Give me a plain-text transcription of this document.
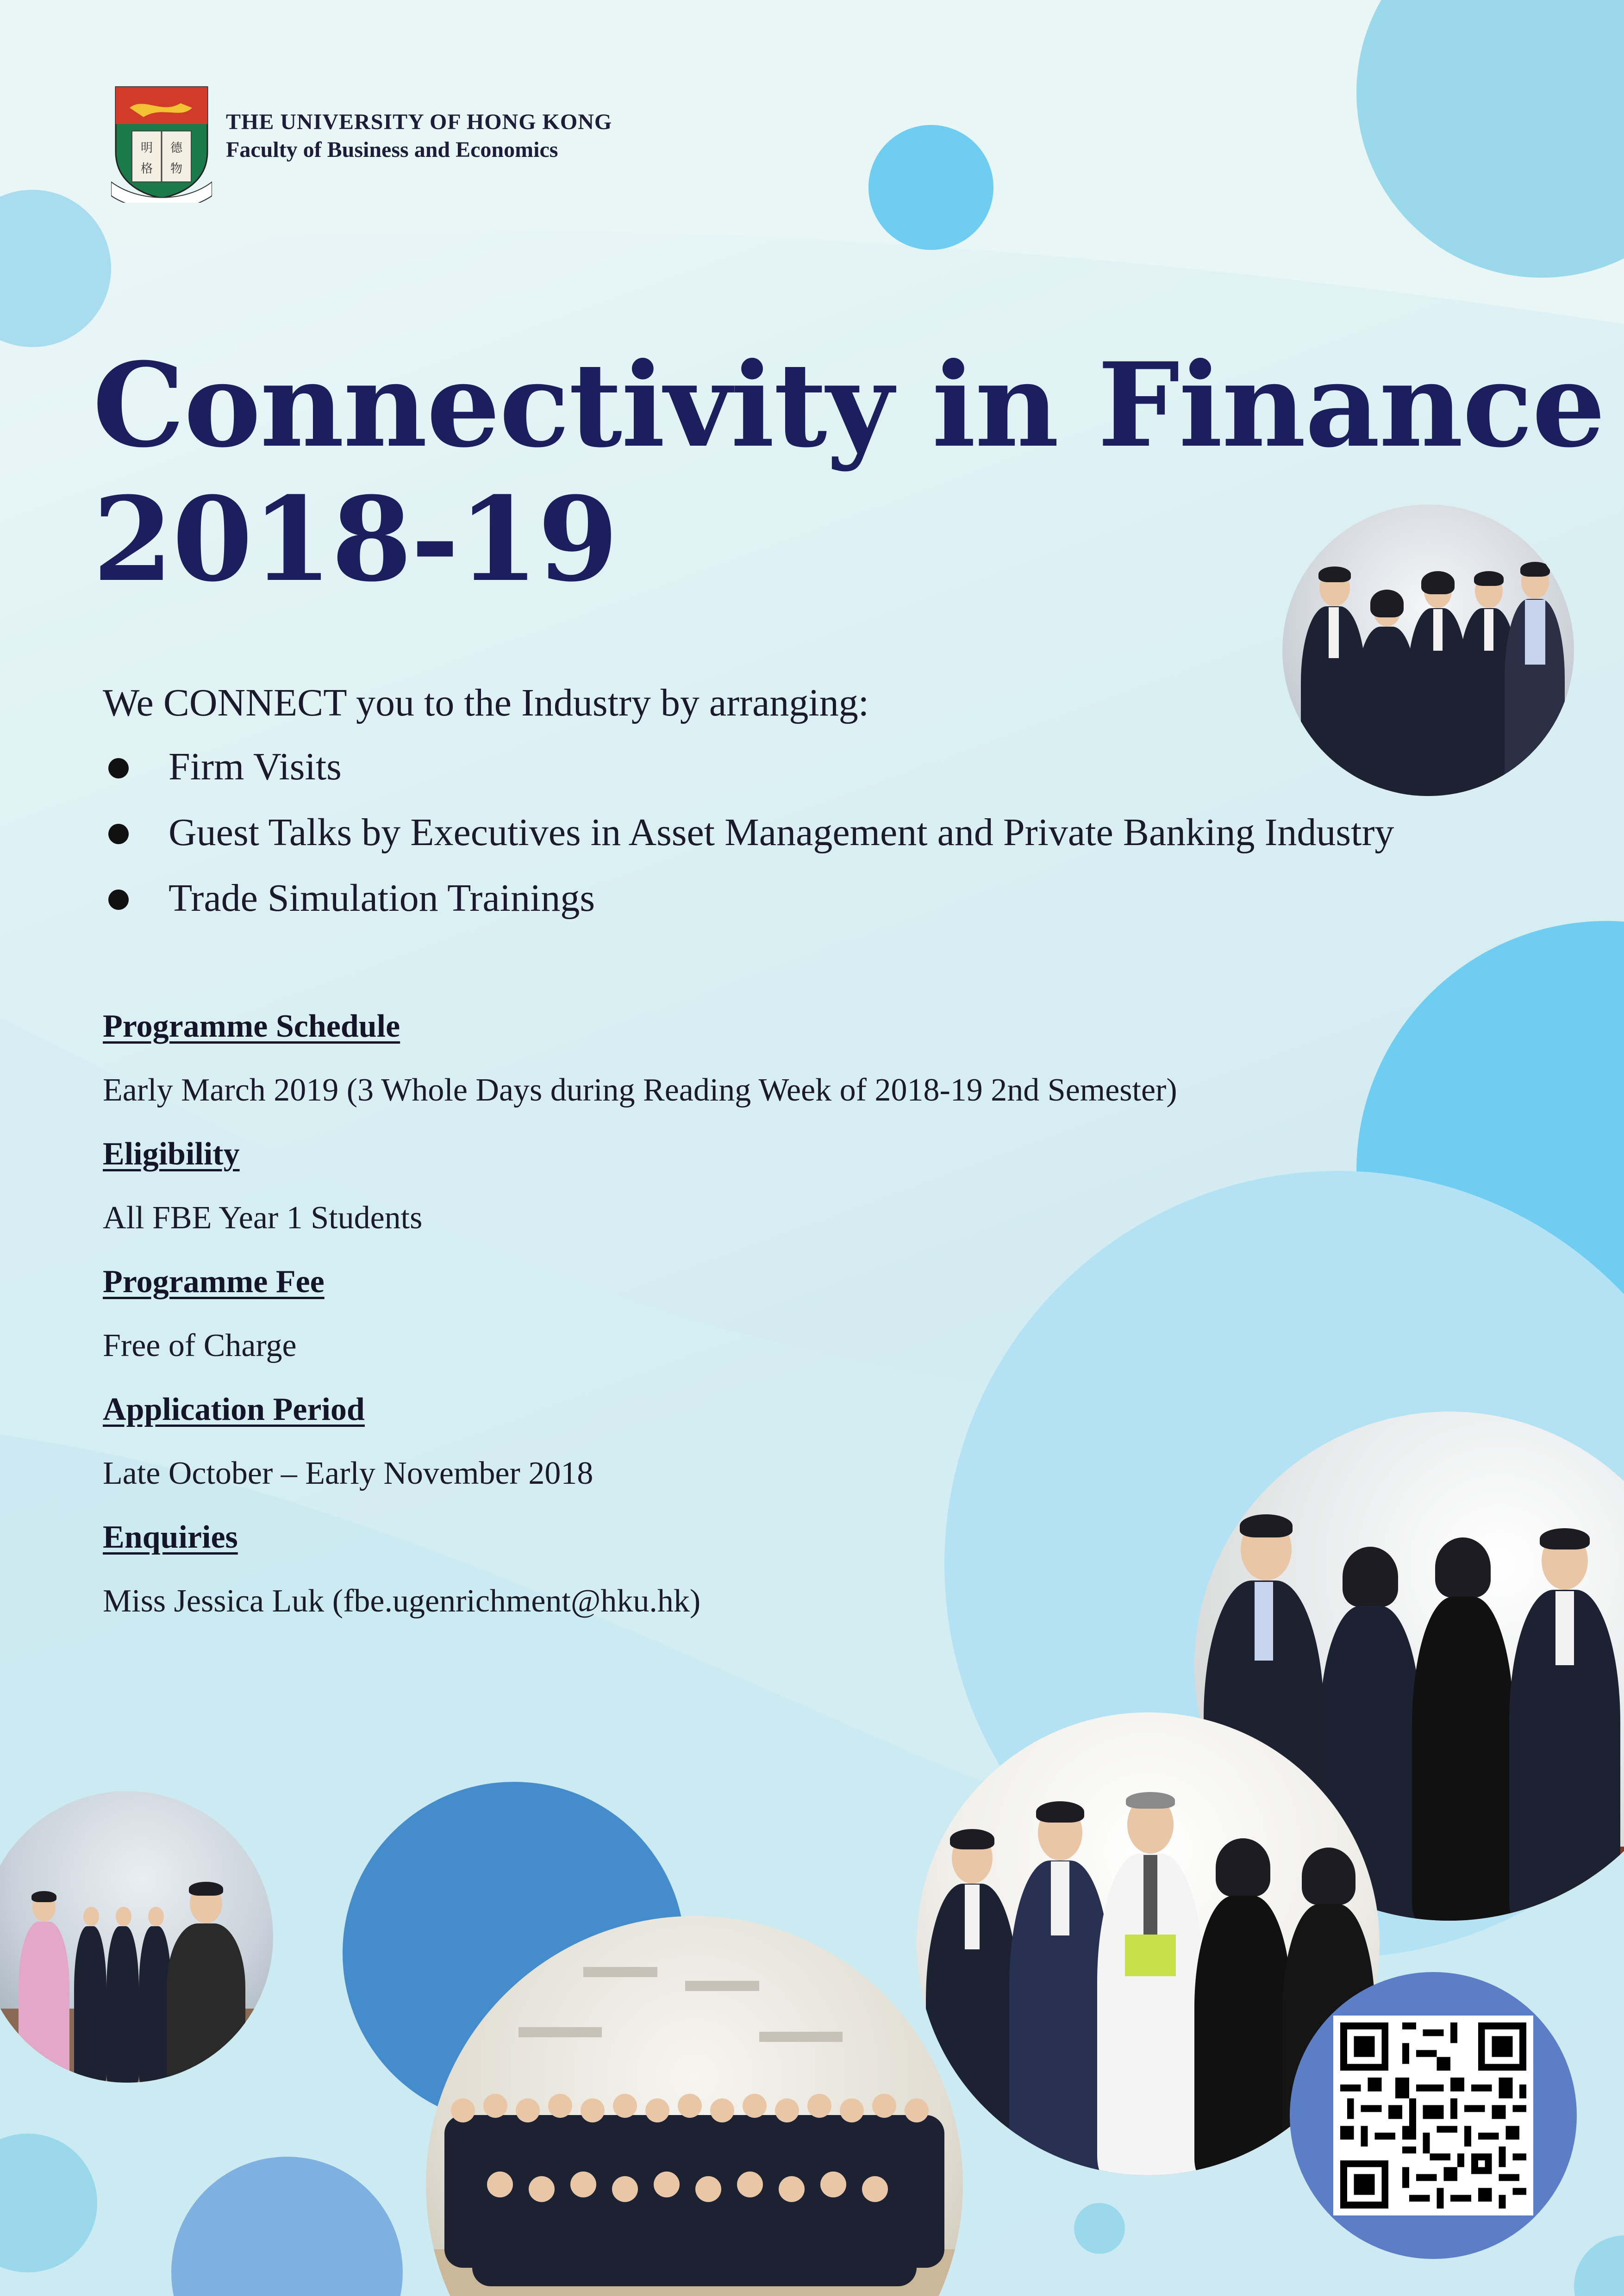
明 德
格 物
THE UNIVERSITY OF HONG KONG
Faculty of Business and Economics
Connectivity in Finance
2018-19
We CONNECT you to the Industry by arranging:
Firm Visits
Guest Talks by Executives in Asset Management and Private Banking Industry
Trade Simulation Trainings
Programme Schedule
Early March 2019 (3 Whole Days during Reading Week of 2018-19 2nd Semester)
Eligibility
All FBE Year 1 Students
Programme Fee
Free of Charge
Application Period
Late October – Early November 2018
Enquiries
Miss Jessica Luk (fbe.ugenrichment@hku.hk)
